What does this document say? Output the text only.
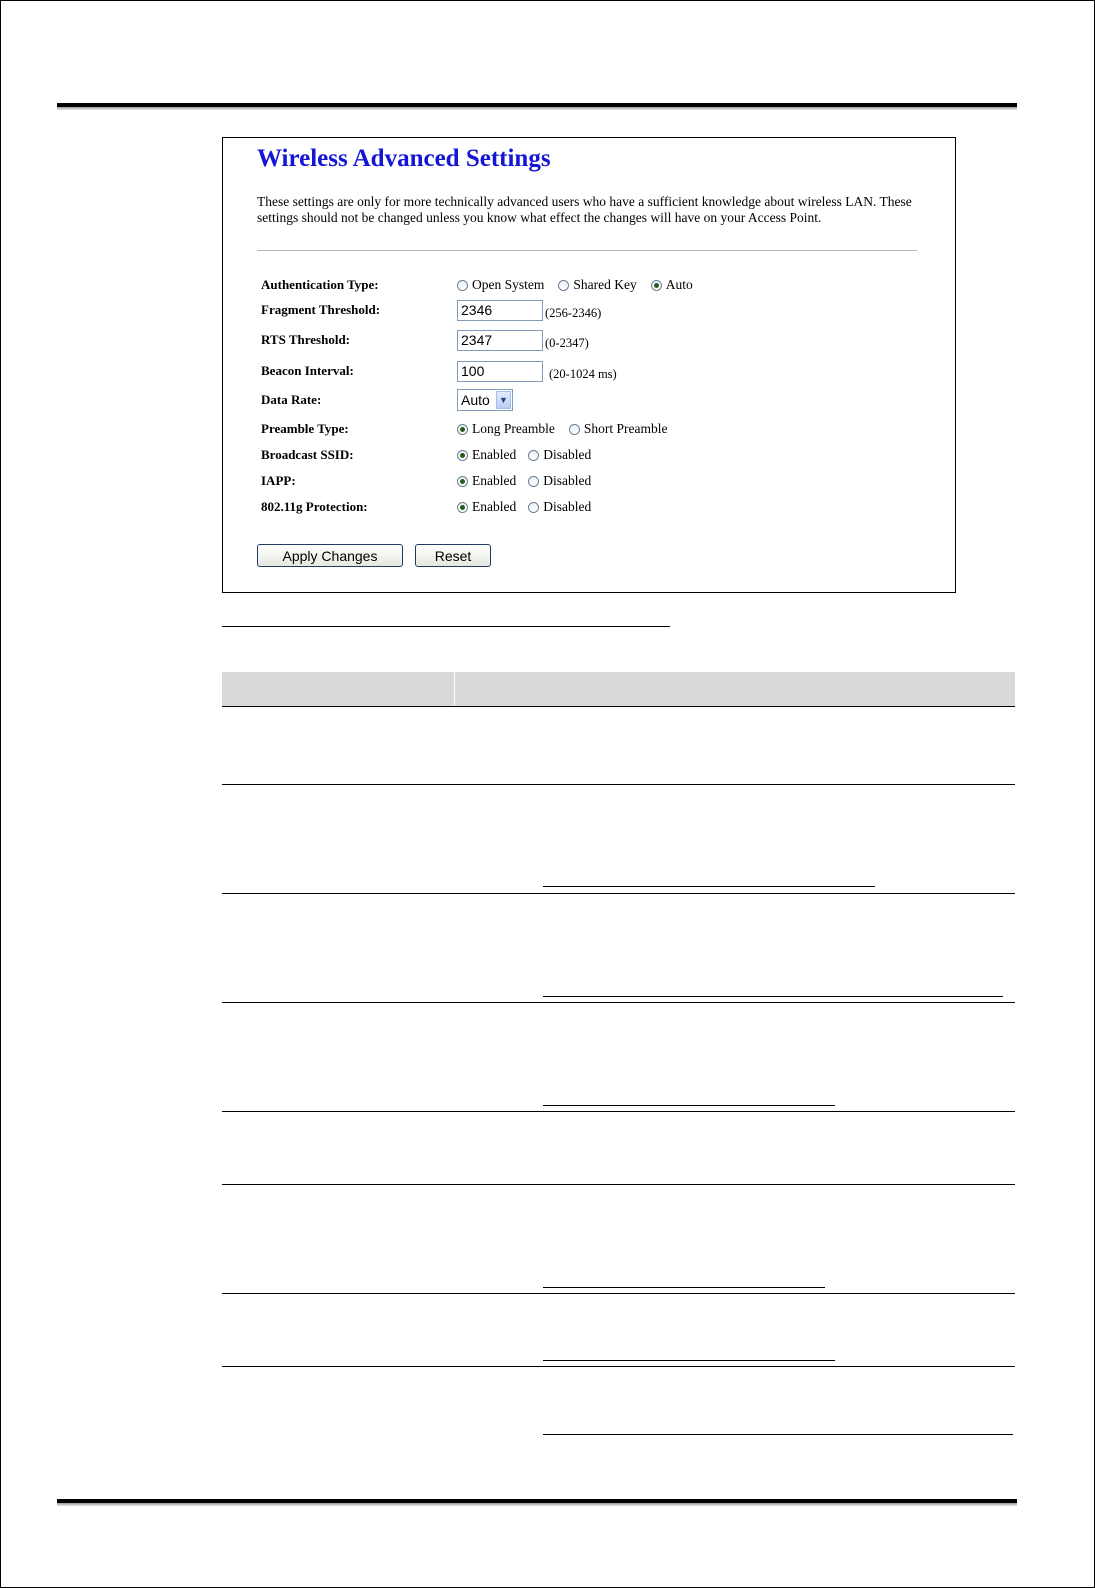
Wireless Advanced Settings

These settings are only for more technically advanced users who have a sufficient knowledge about wireless LAN. These settings should not be changed unless you know what effect the changes will have on your Access Point.

Authentication Type:	Open System Shared Key Auto
Fragment Threshold:	2346	(256-2346)
RTS Threshold:	2347	(0-2347)
Beacon Interval:	100	(20-1024 ms)
Data Rate:	Auto	▼
Preamble Type:	Long Preamble Short Preamble
Broadcast SSID:	Enabled Disabled
IAPP:	Enabled Disabled
802.11g Protection:	Enabled Disabled
Apply Changes	Reset
